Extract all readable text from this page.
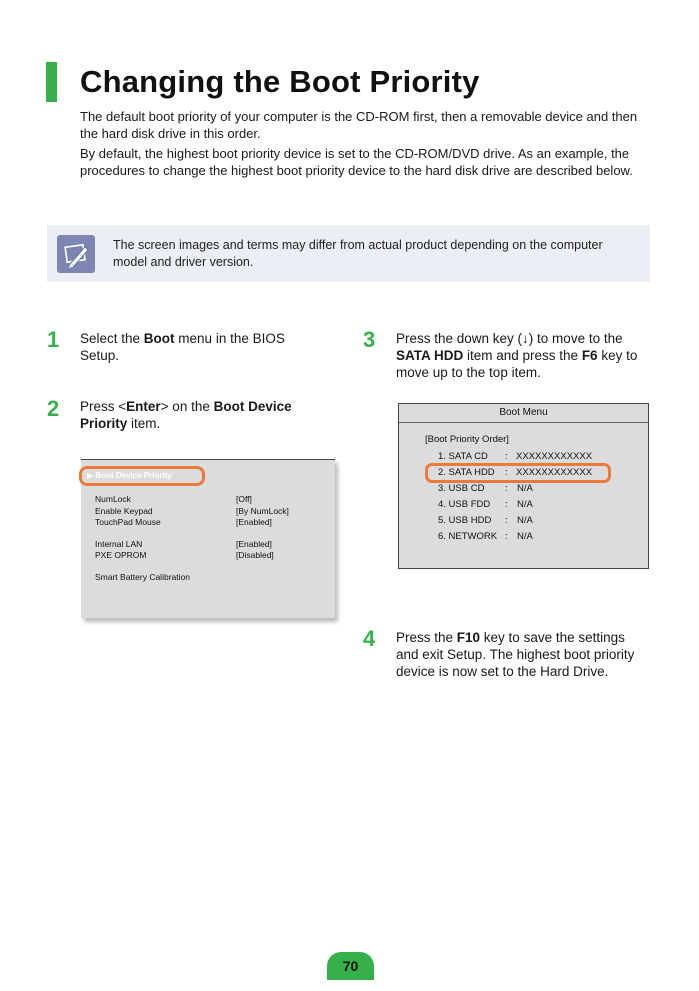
Changing the Boot Priority

The default boot priority of your computer is the CD-ROM first, then a removable device and then the hard disk drive in this order.

By default, the highest boot priority device is set to the CD-ROM/DVD drive. As an example, the procedures to change the highest boot priority device to the hard disk drive are described below.

The screen images and terms may differ from actual product depending on the computer model and driver version.
1 Select the Boot menu in the BIOS Setup.
2 Press <Enter> on the Boot Device Priority item.
3 Press the down key (↓) to move to the SATA HDD item and press the F6 key to move up to the top item.
4 Press the F10 key to save the settings and exit Setup. The highest boot priority device is now set to the Hard Drive.
▶ Boot Device Priority
NumLock	[Off]
Enable Keypad	[By NumLock]
TouchPad Mouse	[Enabled]
Internal LAN	[Enabled]
PXE OPROM	[Disabled]
Smart Battery Calibration
Boot Menu
[Boot Priority Order]
1. SATA CD : XXXXXXXXXXXX
2. SATA HDD : XXXXXXXXXXXX
3. USB CD : N/A
4. USB FDD : N/A
5. USB HDD : N/A
6. NETWORK : N/A
70
